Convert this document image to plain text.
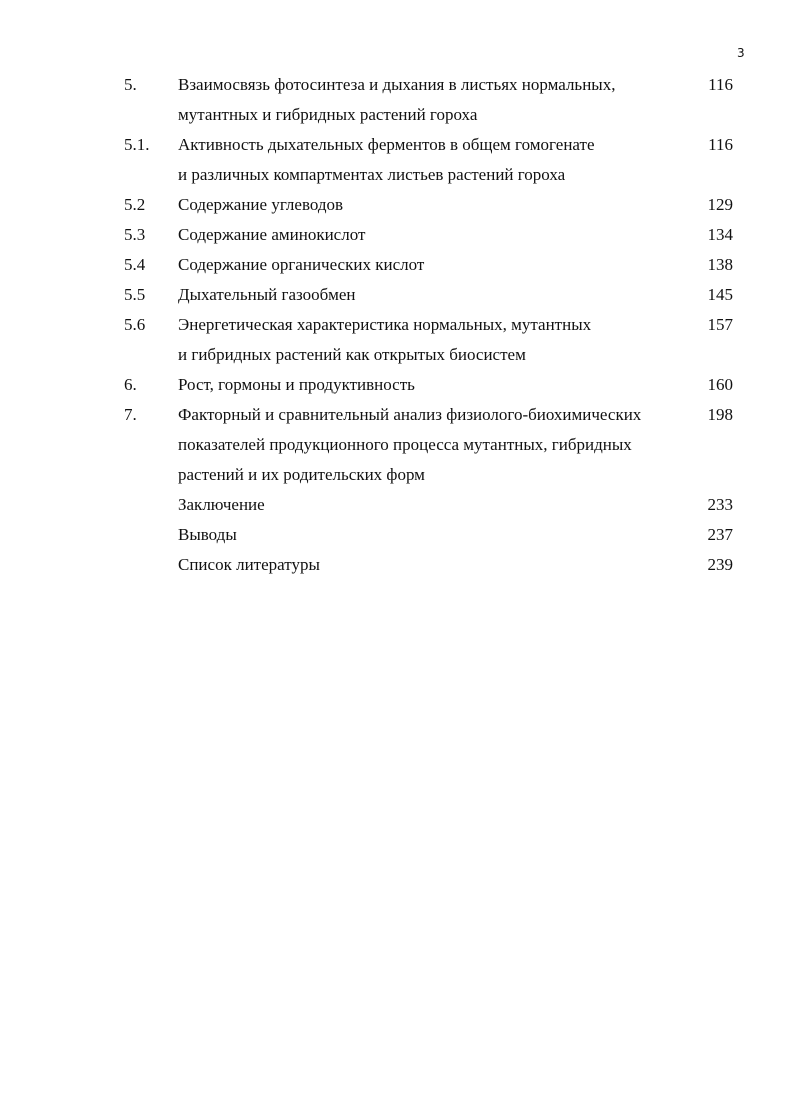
3
5. Взаимосвязь фотосинтеза и дыхания в листьях нормальных,	116
мутантных и гибридных растений гороха
5.1. Активность дыхательных ферментов в общем гомогенате	116
и различных компартментах листьев растений гороха
5.2 Содержание углеводов	129
5.3 Содержание аминокислот	134
5.4 Содержание органических кислот	138
5.5 Дыхательный газообмен	145
5.6 Энергетическая характеристика нормальных, мутантных	157
и гибридных растений как открытых биосистем
6. Рост, гормоны и продуктивность	160
7. Факторный и сравнительный анализ физиолого-биохимических	198
показателей продукционного процесса мутантных, гибридных
растений и их родительских форм
Заключение	233
Выводы	237
Список литературы	239
